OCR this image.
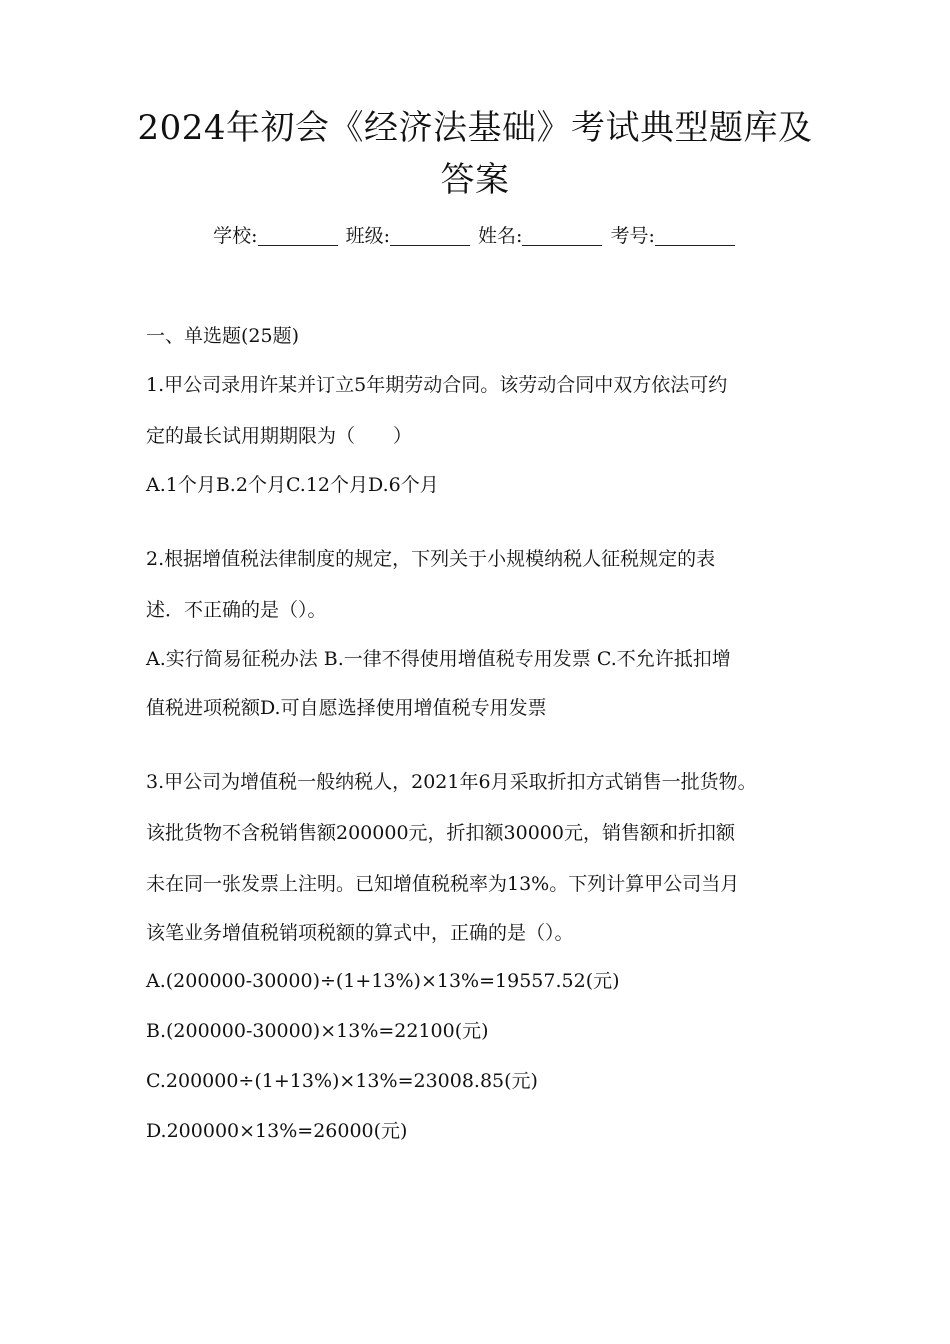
2024年初会《经济法基础》考试典型题库及
答案
学校:	班级:	姓名:	考号:
一、单选题(25题)
1.甲公司录用许某并订立5年期劳动合同。该劳动合同中双方依法可约
定的最长试用期期限为（　　）
A.1个月B.2个月C.12个月D.6个月
2.根据增值税法律制度的规定，下列关于小规模纳税人征税规定的表
述．不正确的是（）。
A.实行简易征税办法 B.一律不得使用增值税专用发票 C.不允许抵扣增
值税进项税额D.可自愿选择使用增值税专用发票
3.甲公司为增值税一般纳税人，2021年6月采取折扣方式销售一批货物。
该批货物不含税销售额200000元，折扣额30000元，销售额和折扣额
未在同一张发票上注明。已知增值税税率为13%。下列计算甲公司当月
该笔业务增值税销项税额的算式中，正确的是（）。
A.(200000-30000)÷(1+13%)×13%=19557.52(元)
B.(200000-30000)×13%=22100(元)
C.200000÷(1+13%)×13%=23008.85(元)
D.200000×13%=26000(元)
